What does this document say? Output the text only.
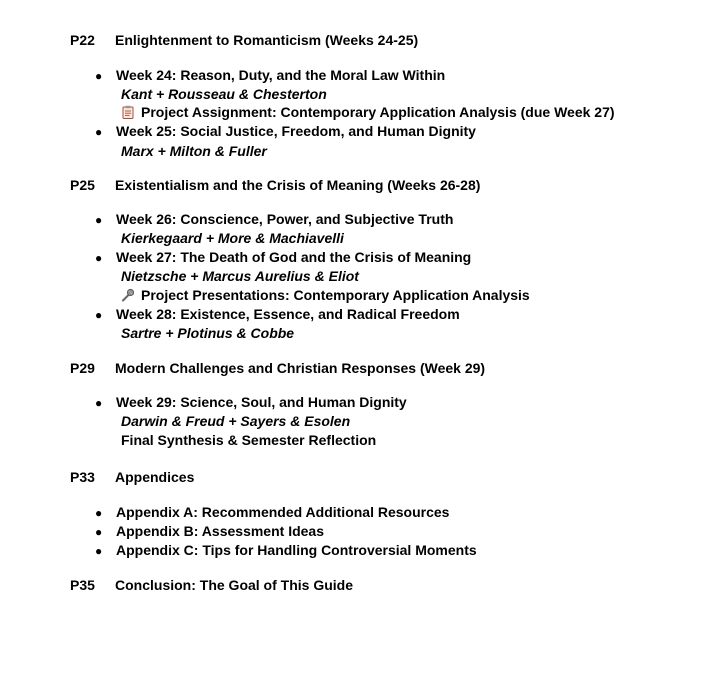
P22	Enlightenment to Romanticism (Weeks 24-25)
● Week 24: Reason, Duty, and the Moral Law Within
Kant + Rousseau & Chesterton
Project Assignment: Contemporary Application Analysis (due Week 27)
● Week 25: Social Justice, Freedom, and Human Dignity
Marx + Milton & Fuller
P25	Existentialism and the Crisis of Meaning (Weeks 26-28)
● Week 26: Conscience, Power, and Subjective Truth
Kierkegaard + More & Machiavelli
● Week 27: The Death of God and the Crisis of Meaning
Nietzsche + Marcus Aurelius & Eliot
Project Presentations: Contemporary Application Analysis
● Week 28: Existence, Essence, and Radical Freedom
Sartre + Plotinus & Cobbe
P29	Modern Challenges and Christian Responses (Week 29)
● Week 29: Science, Soul, and Human Dignity
Darwin & Freud + Sayers & Esolen
Final Synthesis & Semester Reflection
P33	Appendices
● Appendix A: Recommended Additional Resources
● Appendix B: Assessment Ideas
● Appendix C: Tips for Handling Controversial Moments
P35	Conclusion: The Goal of This Guide
